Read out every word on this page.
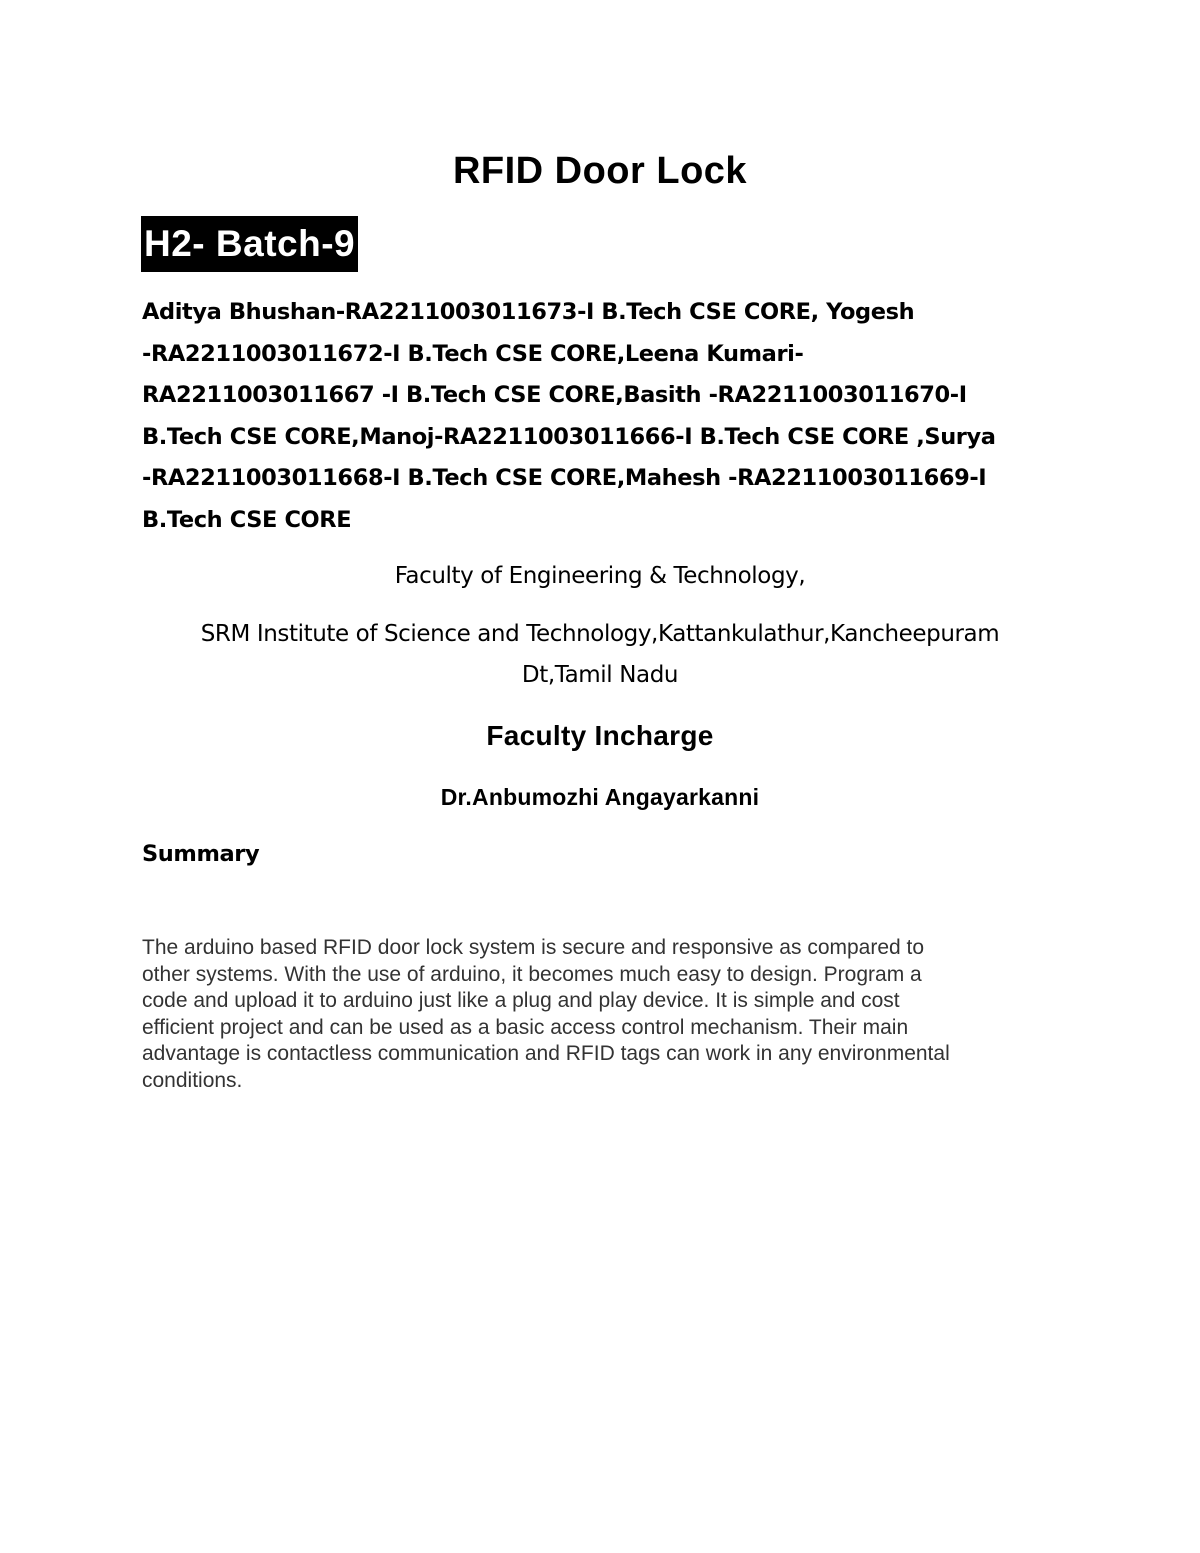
RFID Door Lock
H2- Batch-9
Aditya Bhushan-RA2211003011673-I B.Tech CSE CORE, Yogesh
-RA2211003011672-I B.Tech CSE CORE,Leena Kumari-
RA2211003011667 -I B.Tech CSE CORE,Basith -RA2211003011670-I
B.Tech CSE CORE,Manoj-RA2211003011666-I B.Tech CSE CORE ,Surya
-RA2211003011668-I B.Tech CSE CORE,Mahesh -RA2211003011669-I
B.Tech CSE CORE
Faculty of Engineering & Technology,
SRM Institute of Science and Technology,Kattankulathur,Kancheepuram
Dt,Tamil Nadu
Faculty Incharge
Dr.Anbumozhi Angayarkanni
Summary
The arduino based RFID door lock system is secure and responsive as compared to
other systems. With the use of arduino, it becomes much easy to design. Program a
code and upload it to arduino just like a plug and play device. It is simple and cost
efficient project and can be used as a basic access control mechanism. Their main
advantage is contactless communication and RFID tags can work in any environmental
conditions.
